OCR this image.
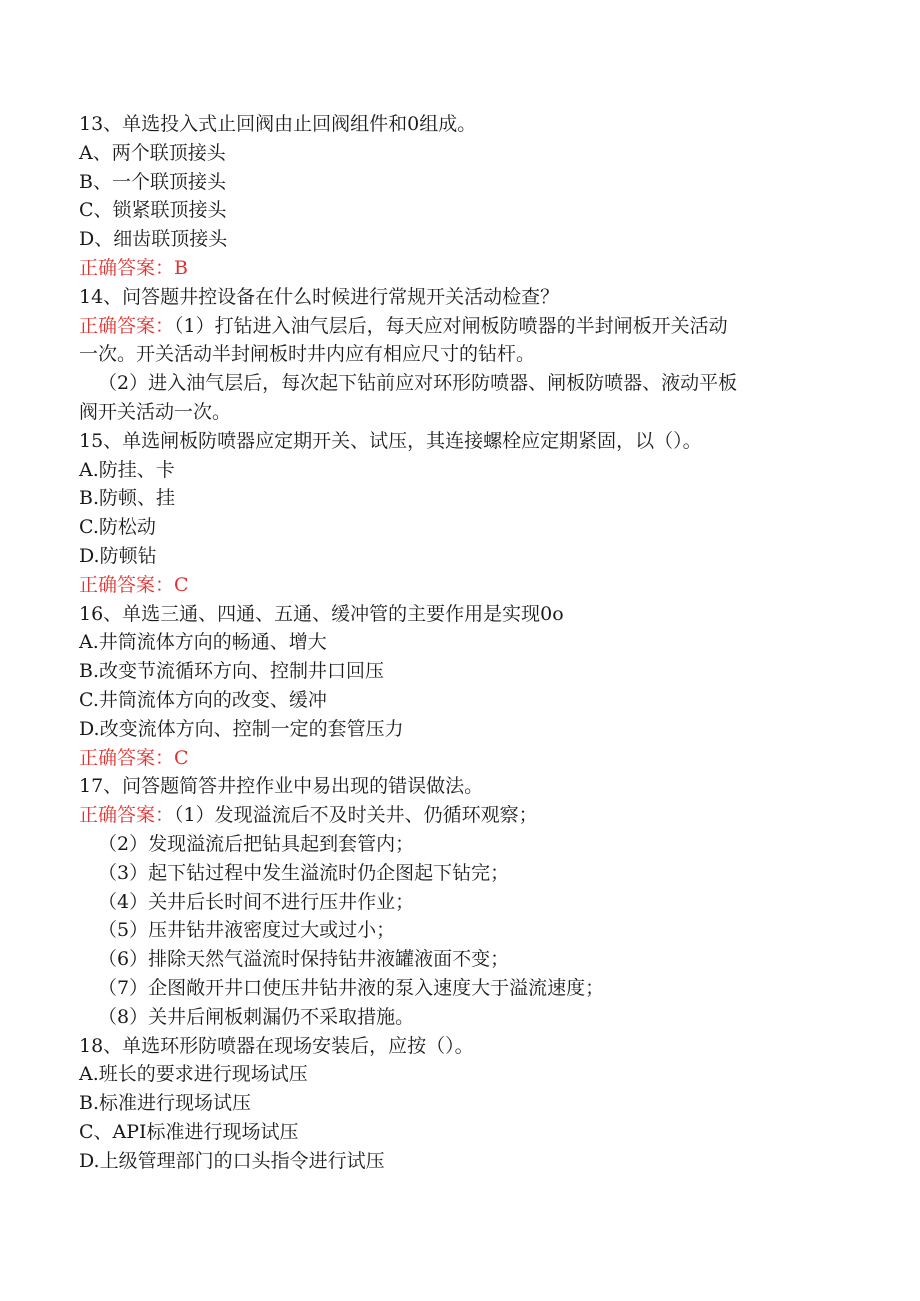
13、单选投入式止回阀由止回阀组件和0组成。
A、两个联顶接头
B、一个联顶接头
C、锁紧联顶接头
D、细齿联顶接头
正确答案：B
14、问答题井控设备在什么时候进行常规开关活动检查？
正确答案：（1）打钻进入油气层后，每天应对闸板防喷器的半封闸板开关活动
一次。开关活动半封闸板时井内应有相应尺寸的钻杆。
（2）进入油气层后，每次起下钻前应对环形防喷器、闸板防喷器、液动平板
阀开关活动一次。
15、单选闸板防喷器应定期开关、试压，其连接螺栓应定期紧固，以（）。
A.防挂、卡
B.防顿、挂
C.防松动
D.防顿钻
正确答案：C
16、单选三通、四通、五通、缓冲管的主要作用是实现0o
A.井筒流体方向的畅通、增大
B.改变节流循环方向、控制井口回压
C.井筒流体方向的改变、缓冲
D.改变流体方向、控制一定的套管压力
正确答案：C
17、问答题简答井控作业中易出现的错误做法。
正确答案：（1）发现溢流后不及时关井、仍循环观察；
（2）发现溢流后把钻具起到套管内；
（3）起下钻过程中发生溢流时仍企图起下钻完；
（4）关井后长时间不进行压井作业；
（5）压井钻井液密度过大或过小；
（6）排除天然气溢流时保持钻井液罐液面不变；
（7）企图敞开井口使压井钻井液的泵入速度大于溢流速度；
（8）关井后闸板刺漏仍不采取措施。
18、单选环形防喷器在现场安装后，应按（）。
A.班长的要求进行现场试压
B.标准进行现场试压
C、API标准进行现场试压
D.上级管理部门的口头指令进行试压
